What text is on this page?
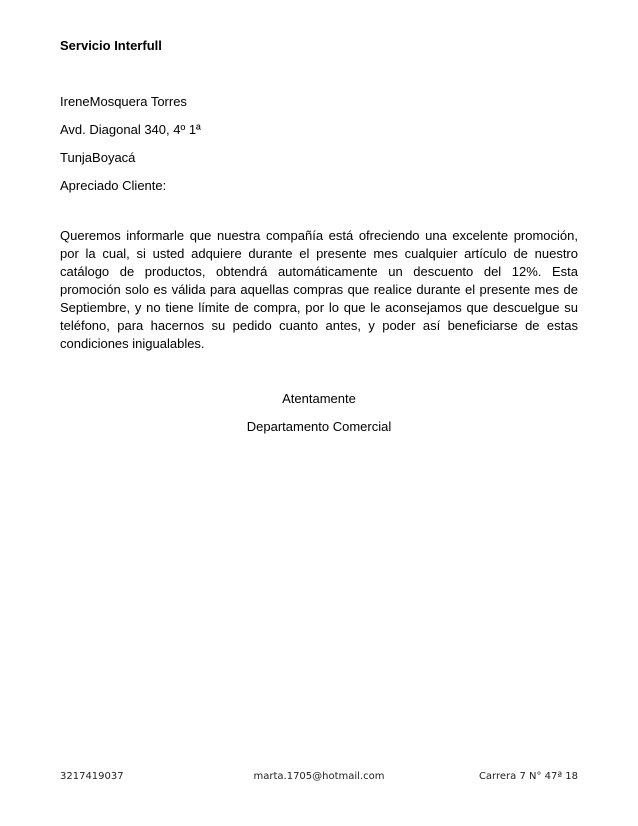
Servicio Interfull
IreneMosquera Torres
Avd. Diagonal 340, 4º 1ª
TunjaBoyacá
Apreciado Cliente:
Queremos informarle que nuestra compañía está ofreciendo una excelente promoción, por la cual, si usted adquiere durante el presente mes cualquier artículo de nuestro catálogo de productos, obtendrá automáticamente un descuento del 12%. Esta promoción solo es válida para aquellas compras que realice durante el presente mes de Septiembre, y no tiene límite de compra, por lo que le aconsejamos que descuelgue su teléfono, para hacernos su pedido cuanto antes, y poder así beneficiarse de estas condiciones inigualables.
Atentamente
Departamento Comercial
3217419037	marta.1705@hotmail.com	Carrera 7 N° 47ª 18
